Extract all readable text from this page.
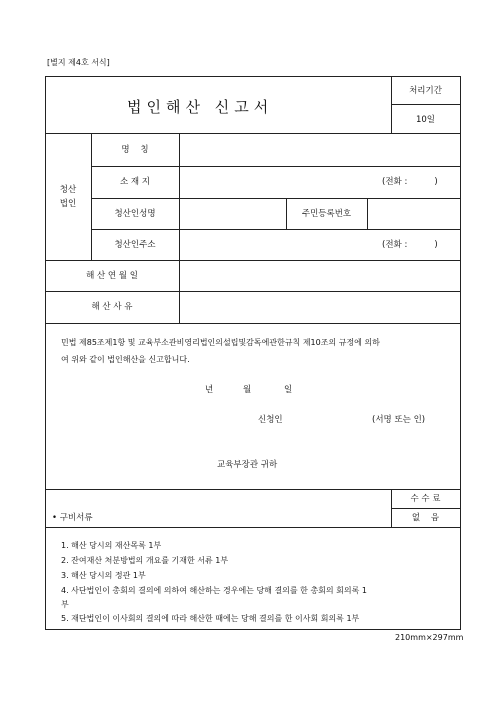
[별지 제4호 서식]
법인해산 신고서
처리기간
10일
청산
법인
명    칭
소 재 지	(전화 :          )
청산인성명	주민등록번호
청산인주소	(전화 :          )
해 산 연 월 일
해 산 사 유
민법 제85조제1항 및 교육부소관비영리법인의설립및감독에관한규칙 제10조의 규정에 의하
여 위와 같이 법인해산을 신고합니다.
년	월	일
신청인	(서명 또는 인)
교육부장관 귀하
수 수 료
없    음
• 구비서류
1. 해산 당시의 재산목록 1부
2. 잔여재산 처분방법의 개요를 기재한 서류 1부
3. 해산 당시의 정관 1부
4. 사단법인이 총회의 결의에 의하여 해산하는 경우에는 당해 결의를 한 총회의 회의록 1
부
5. 재단법인이 이사회의 결의에 따라 해산한 때에는 당해 결의를 한 이사회 회의록 1부
210mm×297mm
